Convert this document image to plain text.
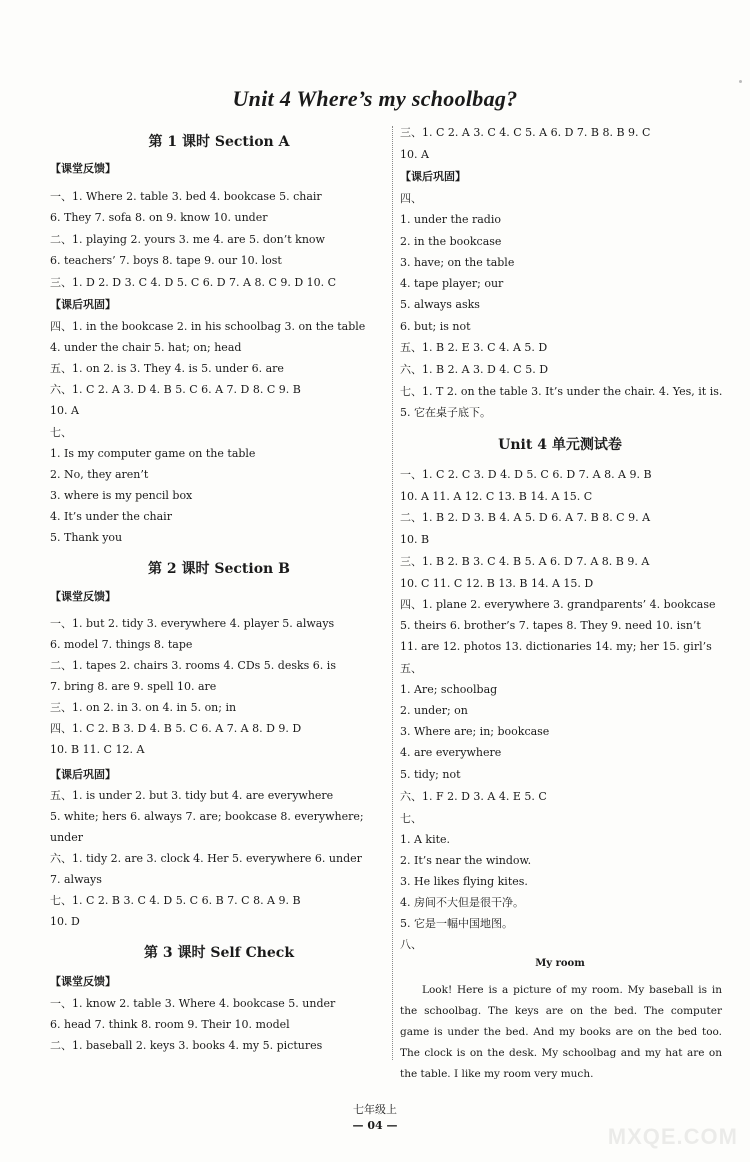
Unit 4 Where’s my schoolbag?
第 1 课时 Section A
【课堂反馈】
一、1. Where 2. table 3. bed 4. bookcase 5. chair
6. They 7. sofa 8. on 9. know 10. under
二、1. playing 2. yours 3. me 4. are 5. don’t know
6. teachers’ 7. boys 8. tape 9. our 10. lost
三、1. D 2. D 3. C 4. D 5. C 6. D 7. A 8. C 9. D 10. C
【课后巩固】
四、1. in the bookcase 2. in his schoolbag 3. on the table
4. under the chair 5. hat; on; head
五、1. on 2. is 3. They 4. is 5. under 6. are
六、1. C 2. A 3. D 4. B 5. C 6. A 7. D 8. C 9. B
10. A
七、
1. Is my computer game on the table
2. No, they aren’t
3. where is my pencil box
4. It’s under the chair
5. Thank you
第 2 课时 Section B
【课堂反馈】
一、1. but 2. tidy 3. everywhere 4. player 5. always
6. model 7. things 8. tape
二、1. tapes 2. chairs 3. rooms 4. CDs 5. desks 6. is
7. bring 8. are 9. spell 10. are
三、1. on 2. in 3. on 4. in 5. on; in
四、1. C 2. B 3. D 4. B 5. C 6. A 7. A 8. D 9. D
10. B 11. C 12. A
【课后巩固】
五、1. is under 2. but 3. tidy but 4. are everywhere
5. white; hers 6. always 7. are; bookcase 8. everywhere;
under
六、1. tidy 2. are 3. clock 4. Her 5. everywhere 6. under
7. always
七、1. C 2. B 3. C 4. D 5. C 6. B 7. C 8. A 9. B
10. D
第 3 课时 Self Check
【课堂反馈】
一、1. know 2. table 3. Where 4. bookcase 5. under
6. head 7. think 8. room 9. Their 10. model
二、1. baseball 2. keys 3. books 4. my 5. pictures
三、1. C 2. A 3. C 4. C 5. A 6. D 7. B 8. B 9. C
10. A
【课后巩固】
四、
1. under the radio
2. in the bookcase
3. have; on the table
4. tape player; our
5. always asks
6. but; is not
五、1. B 2. E 3. C 4. A 5. D
六、1. B 2. A 3. D 4. C 5. D
七、1. T 2. on the table 3. It’s under the chair. 4. Yes, it is.
5. 它在桌子底下。
Unit 4 单元测试卷
一、1. C 2. C 3. D 4. D 5. C 6. D 7. A 8. A 9. B
10. A 11. A 12. C 13. B 14. A 15. C
二、1. B 2. D 3. B 4. A 5. D 6. A 7. B 8. C 9. A
10. B
三、1. B 2. B 3. C 4. B 5. A 6. D 7. A 8. B 9. A
10. C 11. C 12. B 13. B 14. A 15. D
四、1. plane 2. everywhere 3. grandparents’ 4. bookcase
5. theirs 6. brother’s 7. tapes 8. They 9. need 10. isn’t
11. are 12. photos 13. dictionaries 14. my; her 15. girl’s
五、
1. Are; schoolbag
2. under; on
3. Where are; in; bookcase
4. are everywhere
5. tidy; not
六、1. F 2. D 3. A 4. E 5. C
七、
1. A kite.
2. It’s near the window.
3. He likes flying kites.
4. 房间不大但是很干净。
5. 它是一幅中国地图。
八、
My room
Look! Here is a picture of my room. My baseball is in the schoolbag. The keys are on the bed. The computer game is under the bed. And my books are on the bed too. The clock is on the desk. My schoolbag and my hat are on the table. I like my room very much.
七年级上
— 04 —	MXQE.COM
